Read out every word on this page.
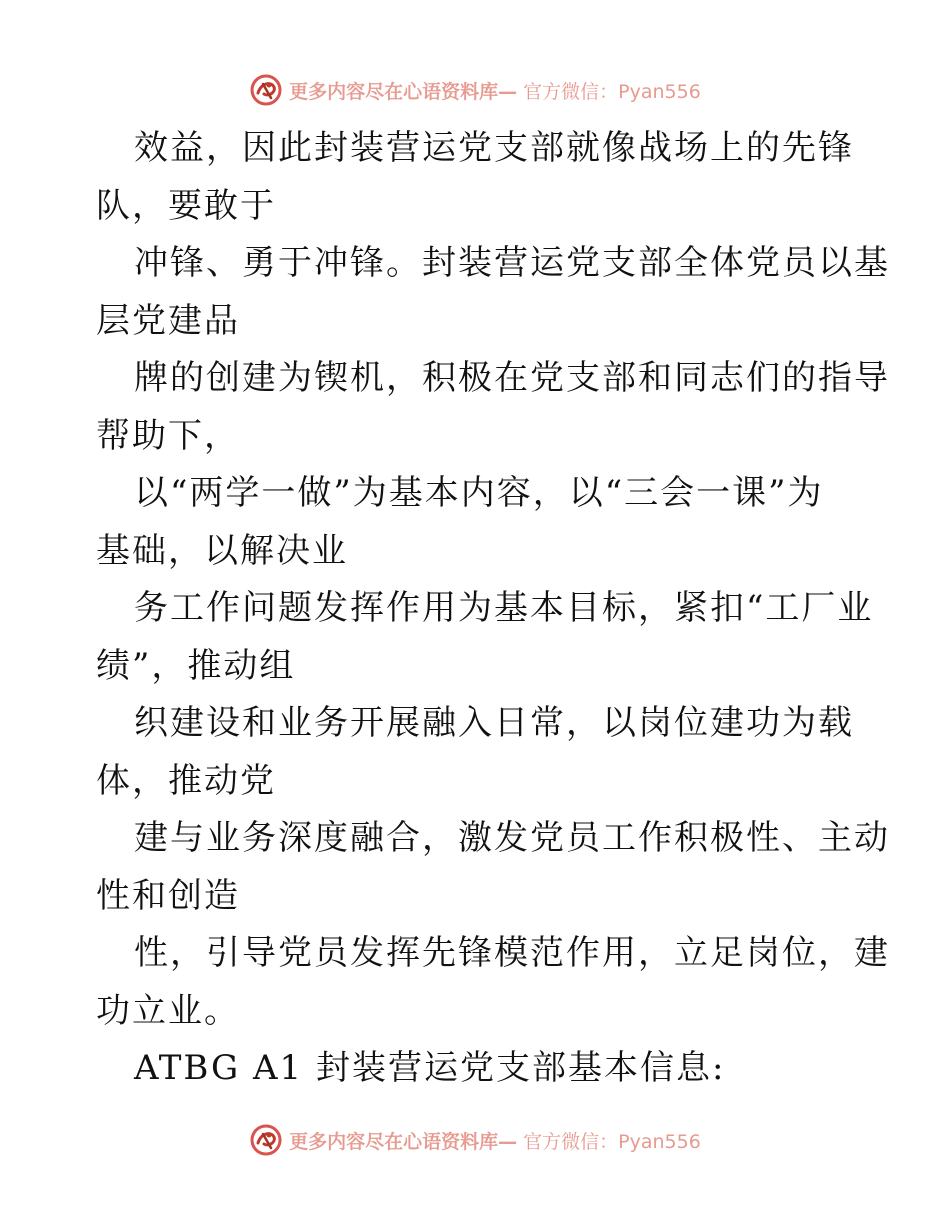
更多内容尽在心语资料库— 官方微信：Pyan556
效益，因此封装营运党支部就像战场上的先锋
队，要敢于
冲锋、勇于冲锋。封装营运党支部全体党员以基
层党建品
牌的创建为锲机，积极在党支部和同志们的指导
帮助下，
以“两学一做”为基本内容，以“三会一课”为
基础，以解决业
务工作问题发挥作用为基本目标，紧扣“工厂业
绩”，推动组
织建设和业务开展融入日常，以岗位建功为载
体，推动党
建与业务深度融合，激发党员工作积极性、主动
性和创造
性，引导党员发挥先锋模范作用，立足岗位，建
功立业。
ATBG A1 封装营运党支部基本信息:
更多内容尽在心语资料库— 官方微信：Pyan556
